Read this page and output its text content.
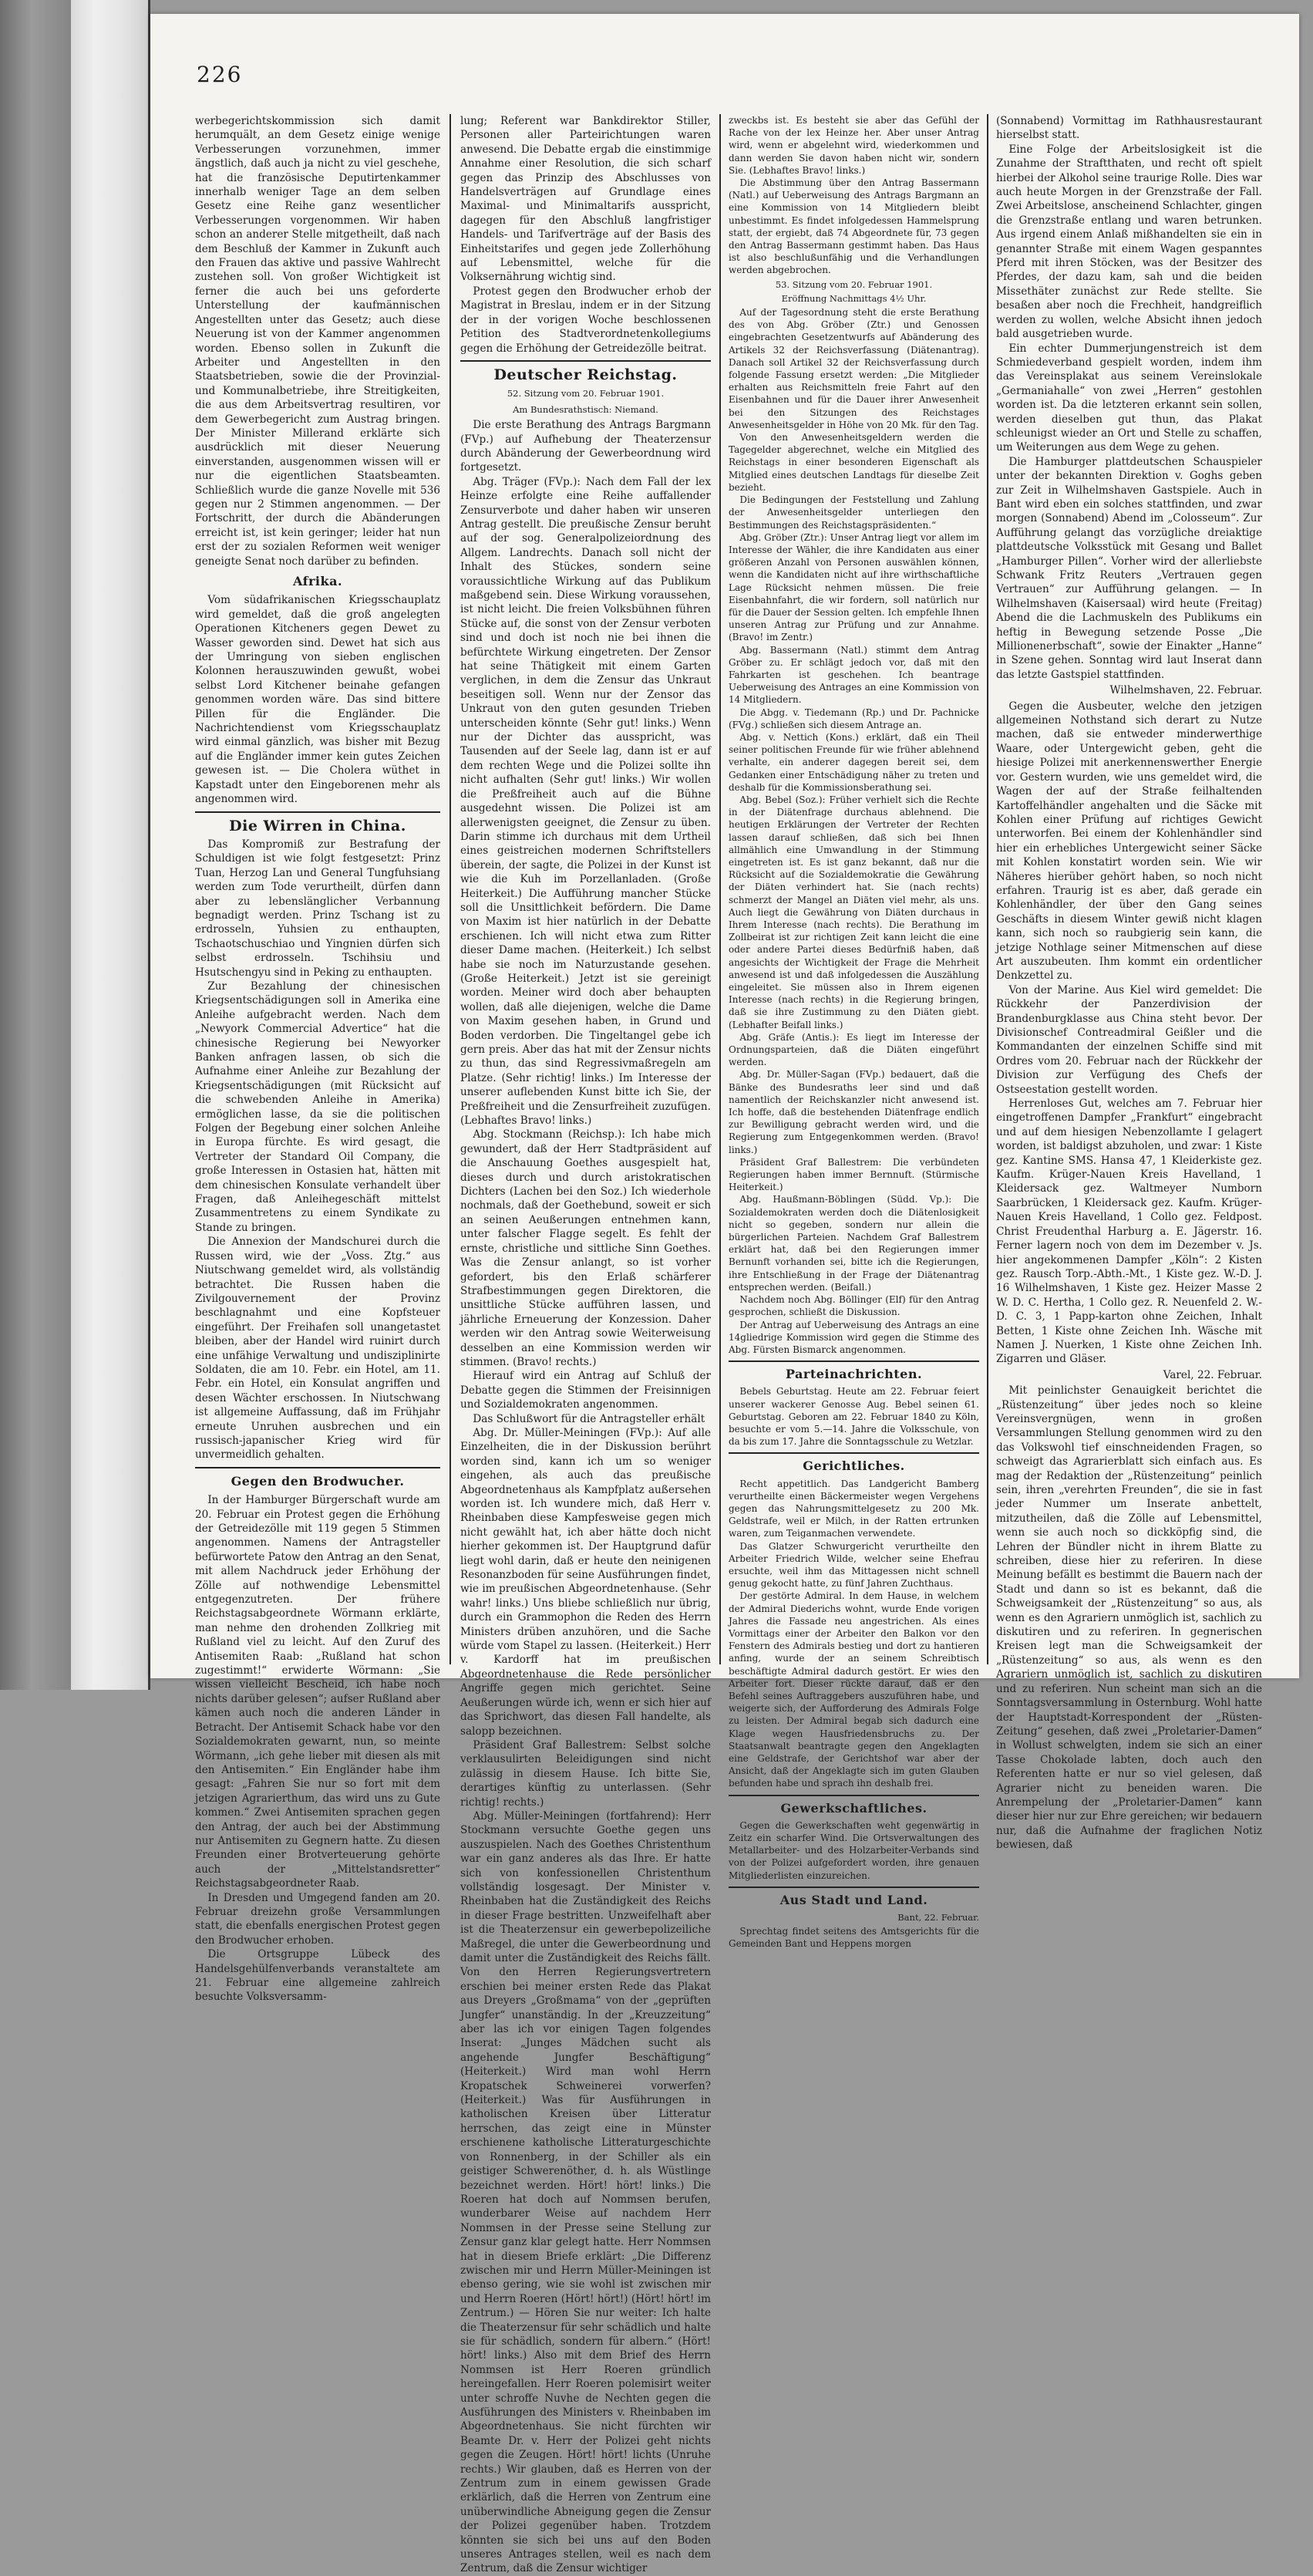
226

werbegerichtskommission sich damit herumquält, an dem Gesetz einige wenige Verbesserungen vorzunehmen, immer ängstlich, daß auch ja nicht zu viel geschehe, hat die französische Deputirtenkammer innerhalb weniger Tage an dem selben Gesetz eine Reihe ganz wesentlicher Verbesserungen vorgenommen. Wir haben schon an anderer Stelle mitgetheilt, daß nach dem Beschluß der Kammer in Zukunft auch den Frauen das aktive und passive Wahlrecht zustehen soll. Von großer Wichtigkeit ist ferner die auch bei uns geforderte Unterstellung der kaufmännischen Angestellten unter das Gesetz; auch diese Neuerung ist von der Kammer angenommen worden. Ebenso sollen in Zukunft die Arbeiter und Angestellten in den Staatsbetrieben, sowie die der Provinzial- und Kommunalbetriebe, ihre Streitigkeiten, die aus dem Arbeitsvertrag resultiren, vor dem Gewerbegericht zum Austrag bringen. Der Minister Millerand erklärte sich ausdrücklich mit dieser Neuerung einverstanden, ausgenommen wissen will er nur die eigentlichen Staatsbeamten. Schließlich wurde die ganze Novelle mit 536 gegen nur 2 Stimmen angenommen. — Der Fortschritt, der durch die Abänderungen erreicht ist, ist kein geringer; leider hat nun erst der zu sozialen Reformen weit weniger geneigte Senat noch darüber zu befinden.

Afrika.

Vom südafrikanischen Kriegsschauplatz wird gemeldet, daß die groß angelegten Operationen Kitcheners gegen Dewet zu Wasser geworden sind. Dewet hat sich aus der Umringung von sieben englischen Kolonnen herauszuwinden gewußt, wobei selbst Lord Kitchener beinahe gefangen genommen worden wäre. Das sind bittere Pillen für die Engländer. Die Nachrichtendienst vom Kriegsschauplatz wird einmal gänzlich, was bisher mit Bezug auf die Engländer immer kein gutes Zeichen gewesen ist. — Die Cholera wüthet in Kapstadt unter den Eingeborenen mehr als angenommen wird.

Die Wirren in China.

Das Kompromiß zur Bestrafung der Schuldigen ist wie folgt festgesetzt: Prinz Tuan, Herzog Lan und General Tungfuhsiang werden zum Tode verurtheilt, dürfen dann aber zu lebenslänglicher Verbannung begnadigt werden. Prinz Tschang ist zu erdrosseln, Yuhsien zu enthaupten, Tschaotschuschiao und Yingnien dürfen sich selbst erdrosseln. Tschihsiu und Hsutschengyu sind in Peking zu enthaupten.

Zur Bezahlung der chinesischen Kriegsentschädigungen soll in Amerika eine Anleihe aufgebracht werden. Nach dem „Newyork Commercial Advertice“ hat die chinesische Regierung bei Newyorker Banken anfragen lassen, ob sich die Aufnahme einer Anleihe zur Bezahlung der Kriegsentschädigungen (mit Rücksicht auf die schwebenden Anleihe in Amerika) ermöglichen lasse, da sie die politischen Folgen der Begebung einer solchen Anleihe in Europa fürchte. Es wird gesagt, die Vertreter der Standard Oil Company, die große Interessen in Ostasien hat, hätten mit dem chinesischen Konsulate verhandelt über Fragen, daß Anleihegeschäft mittelst Zusammentretens zu einem Syndikate zu Stande zu bringen.

Die Annexion der Mandschurei durch die Russen wird, wie der „Voss. Ztg.“ aus Niutschwang gemeldet wird, als vollständig betrachtet. Die Russen haben die Zivilgouvernement der Provinz beschlagnahmt und eine Kopfsteuer eingeführt. Der Freihafen soll unangetastet bleiben, aber der Handel wird ruinirt durch eine unfähige Verwaltung und undisziplinirte Soldaten, die am 10. Febr. ein Hotel, am 11. Febr. ein Hotel, ein Konsulat angriffen und desen Wächter erschossen. In Niutschwang ist allgemeine Auffassung, daß im Frühjahr erneute Unruhen ausbrechen und ein russisch-japanischer Krieg wird für unvermeidlich gehalten.

Gegen den Brodwucher.

In der Hamburger Bürgerschaft wurde am 20. Februar ein Protest gegen die Erhöhung der Getreidezölle mit 119 gegen 5 Stimmen angenommen. Namens der Antragsteller befürwortete Patow den Antrag an den Senat, mit allem Nachdruck jeder Erhöhung der Zölle auf nothwendige Lebensmittel entgegenzutreten. Der frühere Reichstagsabgeordnete Wörmann erklärte, man nehme den drohenden Zollkrieg mit Rußland viel zu leicht. Auf den Zuruf des Antisemiten Raab: „Rußland hat schon zugestimmt!“ erwiderte Wörmann: „Sie wissen vielleicht Bescheid, ich habe noch nichts darüber gelesen“; aufser Rußland aber kämen auch noch die anderen Länder in Betracht. Der Antisemit Schack habe vor den Sozialdemokraten gewarnt, nun, so meinte Wörmann, „ich gehe lieber mit diesen als mit den Antisemiten.“ Ein Engländer habe ihm gesagt: „Fahren Sie nur so fort mit dem jetzigen Agrarierthum, das wird uns zu Gute kommen.“ Zwei Antisemiten sprachen gegen den Antrag, der auch bei der Abstimmung nur Antisemiten zu Gegnern hatte. Zu diesen Freunden einer Brotverteuerung gehörte auch der „Mittelstandsretter“ Reichstagsabgeordneter Raab.

In Dresden und Umgegend fanden am 20. Februar dreizehn große Versammlungen statt, die ebenfalls energischen Protest gegen den Brodwucher erhoben.

Die Ortsgruppe Lübeck des Handelsgehülfenverbands veranstaltete am 21. Februar eine allgemeine zahlreich besuchte Volksversamm-

lung; Referent war Bankdirektor Stiller, Personen aller Parteirichtungen waren anwesend. Die Debatte ergab die einstimmige Annahme einer Resolution, die sich scharf gegen das Prinzip des Abschlusses von Handelsverträgen auf Grundlage eines Maximal- und Minimaltarifs ausspricht, dagegen für den Abschluß langfristiger Handels- und Tarifverträge auf der Basis des Einheitstarifes und gegen jede Zollerhöhung auf Lebensmittel, welche für die Volksernährung wichtig sind.

Protest gegen den Brodwucher erhob der Magistrat in Breslau, indem er in der Sitzung der in der vorigen Woche beschlossenen Petition des Stadtverordnetenkollegiums gegen die Erhöhung der Getreidezölle beitrat.

Deutscher Reichstag.
52. Sitzung vom 20. Februar 1901.
Am Bundesrathstisch: Niemand.

Die erste Berathung des Antrags Bargmann (FVp.) auf Aufhebung der Theaterzensur durch Abänderung der Gewerbeordnung wird fortgesetzt.

Abg. Träger (FVp.): Nach dem Fall der lex Heinze erfolgte eine Reihe auffallender Zensurverbote und daher haben wir unseren Antrag gestellt. Die preußische Zensur beruht auf der sog. Generalpolizeiordnung des Allgem. Landrechts. Danach soll nicht der Inhalt des Stückes, sondern seine voraussichtliche Wirkung auf das Publikum maßgebend sein. Diese Wirkung voraussehen, ist nicht leicht. Die freien Volksbühnen führen Stücke auf, die sonst von der Zensur verboten sind und doch ist noch nie bei ihnen die befürchtete Wirkung eingetreten. Der Zensor hat seine Thätigkeit mit einem Garten verglichen, in dem die Zensur das Unkraut beseitigen soll. Wenn nur der Zensor das Unkraut von den guten gesunden Trieben unterscheiden könnte (Sehr gut! links.) Wenn nur der Dichter das ausspricht, was Tausenden auf der Seele lag, dann ist er auf dem rechten Wege und die Polizei sollte ihn nicht aufhalten (Sehr gut! links.) Wir wollen die Preßfreiheit auch auf die Bühne ausgedehnt wissen. Die Polizei ist am allerwenigsten geeignet, die Zensur zu üben. Darin stimme ich durchaus mit dem Urtheil eines geistreichen modernen Schriftstellers überein, der sagte, die Polizei in der Kunst ist wie die Kuh im Porzellanladen. (Große Heiterkeit.) Die Aufführung mancher Stücke soll die Unsittlichkeit befördern. Die Dame von Maxim ist hier natürlich in der Debatte erschienen. Ich will nicht etwa zum Ritter dieser Dame machen. (Heiterkeit.) Ich selbst habe sie noch im Naturzustande gesehen. (Große Heiterkeit.) Jetzt ist sie gereinigt worden. Meiner wird doch aber behaupten wollen, daß alle diejenigen, welche die Dame von Maxim gesehen haben, in Grund und Boden verdorben. Die Tingeltangel gebe ich gern preis. Aber das hat mit der Zensur nichts zu thun, das sind Regressivmaßregeln am Platze. (Sehr richtig! links.) Im Interesse der unserer auflebenden Kunst bitte ich Sie, der Preßfreiheit und die Zensurfreiheit zuzufügen. (Lebhaftes Bravo! links.)

Abg. Stockmann (Reichsp.): Ich habe mich gewundert, daß der Herr Stadtpräsident auf die Anschauung Goethes ausgespielt hat, dieses durch und durch aristokratischen Dichters (Lachen bei den Soz.) Ich wiederhole nochmals, daß der Goethebund, soweit er sich an seinen Aeußerungen entnehmen kann, unter falscher Flagge segelt. Es fehlt der ernste, christliche und sittliche Sinn Goethes. Was die Zensur anlangt, so ist vorher gefordert, bis den Erlaß schärferer Strafbestimmungen gegen Direktoren, die unsittliche Stücke aufführen lassen, und jährliche Erneuerung der Konzession. Daher werden wir den Antrag sowie Weiterweisung desselben an eine Kommission werden wir stimmen. (Bravo! rechts.)

Hierauf wird ein Antrag auf Schluß der Debatte gegen die Stimmen der Freisinnigen und Sozialdemokraten angenommen.

Das Schlußwort für die Antragsteller erhält

Abg. Dr. Müller-Meiningen (FVp.): Auf alle Einzelheiten, die in der Diskussion berührt worden sind, kann ich um so weniger eingehen, als auch das preußische Abgeordnetenhaus als Kampfplatz außersehen worden ist. Ich wundere mich, daß Herr v. Rheinbaben diese Kampfesweise gegen mich nicht gewählt hat, ich aber hätte doch nicht hierher gekommen ist. Der Hauptgrund dafür liegt wohl darin, daß er heute den neinigenen Resonanzboden für seine Ausführungen findet, wie im preußischen Abgeordnetenhause. (Sehr wahr! links.) Uns bliebe schließlich nur übrig, durch ein Grammophon die Reden des Herrn Ministers drüben anzuhören, und die Sache würde vom Stapel zu lassen. (Heiterkeit.) Herr v. Kardorff hat im preußischen Abgeordnetenhause die Rede persönlicher Angriffe gegen mich gerichtet. Seine Aeußerungen würde ich, wenn er sich hier auf das Sprichwort, das diesen Fall handelte, als salopp bezeichnen.

Präsident Graf Ballestrem: Selbst solche verklausulirten Beleidigungen sind nicht zulässig in diesem Hause. Ich bitte Sie, derartiges künftig zu unterlassen. (Sehr richtig! rechts.)

Abg. Müller-Meiningen (fortfahrend): Herr Stockmann versuchte Goethe gegen uns auszuspielen. Nach des Goethes Christenthum war ein ganz anderes als das Ihre. Er hatte sich von konfessionellen Christenthum vollständig losgesagt. Der Minister v. Rheinbaben hat die Zuständigkeit des Reichs in dieser Frage bestritten. Unzweifelhaft aber ist die Theaterzensur ein gewerbepolizeiliche Maßregel, die unter die Gewerbeordnung und damit unter die Zuständigkeit des Reichs fällt. Von den Herren Regierungsvertretern erschien bei meiner ersten Rede das Plakat aus Dreyers „Großmama“ von der „geprüften Jungfer“ unanständig. In der „Kreuzzeitung“ aber las ich vor einigen Tagen folgendes Inserat: „Junges Mädchen sucht als angehende Jungfer Beschäftigung“ (Heiterkeit.) Wird man wohl Herrn Kropatschek Schweinerei vorwerfen? (Heiterkeit.) Was für Ausführungen in katholischen Kreisen über Litteratur herrschen, das zeigt eine in Münster erschienene katholische Litteraturgeschichte von Ronnenberg, in der Schiller als ein geistiger Schwerenöther, d. h. als Wüstlinge bezeichnet werden. Hört! hört! links.) Die Roeren hat doch auf Nommsen berufen, wunderbarer Weise auf nachdem Herr Nommsen in der Presse seine Stellung zur Zensur ganz klar gelegt hatte. Herr Nommsen hat in diesem Briefe erklärt: „Die Differenz zwischen mir und Herrn Müller-Meiningen ist ebenso gering, wie sie wohl ist zwischen mir und Herrn Roeren (Hört! hört!) (Hört! hört! im Zentrum.) — Hören Sie nur weiter: Ich halte die Theaterzensur für sehr schädlich und halte sie für schädlich, sondern für albern.“ (Hört! hört! links.) Also mit dem Brief des Herrn Nommsen ist Herr Roeren gründlich hereingefallen. Herr Roeren polemisirt weiter unter schroffe Nuvhe de Nechten gegen die Ausführungen des Ministers v. Rheinbaben im Abgeordnetenhaus. Sie nicht fürchten wir Beamte Dr. v. Herr der Polizei geht nichts gegen die Zeugen. Hört! hört! lichts (Unruhe rechts.) Wir glauben, daß es Herren von der Zentrum zum in einem gewissen Grade erklärlich, daß die Herren von Zentrum eine unüberwindliche Abneigung gegen die Zensur der Polizei gegenüber haben. Trotzdem könnten sie sich bei uns auf den Boden unseres Antrages stellen, weil es nach dem Zentrum, daß die Zensur wichtiger

zweckbs ist. Es besteht sie aber das Gefühl der Rache von der lex Heinze her. Aber unser Antrag wird, wenn er abgelehnt wird, wiederkommen und dann werden Sie davon haben nicht wir, sondern Sie. (Lebhaftes Bravo! links.)

Die Abstimmung über den Antrag Bassermann (Natl.) auf Ueberweisung des Antrags Bargmann an eine Kommission von 14 Mitgliedern bleibt unbestimmt. Es findet infolgedessen Hammelsprung statt, der ergiebt, daß 74 Abgeordnete für, 73 gegen den Antrag Bassermann gestimmt haben. Das Haus ist also beschlußunfähig und die Verhandlungen werden abgebrochen.

53. Sitzung vom 20. Februar 1901.
Eröffnung Nachmittags 4½ Uhr.

Auf der Tagesordnung steht die erste Berathung des von Abg. Gröber (Ztr.) und Genossen eingebrachten Gesetzentwurfs auf Abänderung des Artikels 32 der Reichsverfassung (Diätenantrag). Danach soll Artikel 32 der Reichsverfassung durch folgende Fassung ersetzt werden: „Die Mitglieder erhalten aus Reichsmitteln freie Fahrt auf den Eisenbahnen und für die Dauer ihrer Anwesenheit bei den Sitzungen des Reichstages Anwesenheitsgelder in Höhe von 20 Mk. für den Tag.

Von den Anwesenheitsgeldern werden die Tagegelder abgerechnet, welche ein Mitglied des Reichstags in einer besonderen Eigenschaft als Mitglied eines deutschen Landtags für dieselbe Zeit bezieht.

Die Bedingungen der Feststellung und Zahlung der Anwesenheitsgelder unterliegen den Bestimmungen des Reichstagspräsidenten.“

Abg. Gröber (Ztr.): Unser Antrag liegt vor allem im Interesse der Wähler, die ihre Kandidaten aus einer größeren Anzahl von Personen auswählen können, wenn die Kandidaten nicht auf ihre wirthschaftliche Lage Rücksicht nehmen müssen. Die freie Eisenbahnfahrt, die wir fordern, soll natürlich nur für die Dauer der Session gelten. Ich empfehle Ihnen unseren Antrag zur Prüfung und zur Annahme. (Bravo! im Zentr.)

Abg. Bassermann (Natl.) stimmt dem Antrag Gröber zu. Er schlägt jedoch vor, daß mit den Fahrkarten ist geschehen. Ich beantrage Ueberweisung des Antrages an eine Kommission von 14 Mitgliedern.

Die Abgg. v. Tiedemann (Rp.) und Dr. Pachnicke (FVg.) schließen sich diesem Antrage an.

Abg. v. Nettich (Kons.) erklärt, daß ein Theil seiner politischen Freunde für wie früher ablehnend verhalte, ein anderer dagegen bereit sei, dem Gedanken einer Entschädigung näher zu treten und deshalb für die Kommissionsberathung sei.

Abg. Bebel (Soz.): Früher verhielt sich die Rechte in der Diätenfrage durchaus ablehnend. Die heutigen Erklärungen der Vertreter der Rechten lassen darauf schließen, daß sich bei Ihnen allmählich eine Umwandlung in der Stimmung eingetreten ist. Es ist ganz bekannt, daß nur die Rücksicht auf die Sozialdemokratie die Gewährung der Diäten verhindert hat. Sie (nach rechts) schmerzt der Mangel an Diäten viel mehr, als uns. Auch liegt die Gewährung von Diäten durchaus in Ihrem Interesse (nach rechts). Die Berathung im Zollbeirat ist zur richtigen Zeit kann leicht die eine oder andere Partei dieses Bedürfniß haben, daß angesichts der Wichtigkeit der Frage die Mehrheit anwesend ist und daß infolgedessen die Auszählung eingeleitet. Sie müssen also in Ihrem eigenen Interesse (nach rechts) in die Regierung bringen, daß sie ihre Zustimmung zu den Diäten giebt. (Lebhafter Beifall links.)

Abg. Gräfe (Antis.): Es liegt im Interesse der Ordnungsparteien, daß die Diäten eingeführt werden.

Abg. Dr. Müller-Sagan (FVp.) bedauert, daß die Bänke des Bundesraths leer sind und daß namentlich der Reichskanzler nicht anwesend ist. Ich hoffe, daß die bestehenden Diätenfrage endlich zur Bewilligung gebracht werden wird, und die Regierung zum Entgegenkommen werden. (Bravo! links.)

Präsident Graf Ballestrem: Die verbündeten Regierungen haben immer Bernnuft. (Stürmische Heiterkeit.)

Abg. Haußmann-Böblingen (Südd. Vp.): Die Sozialdemokraten werden doch die Diätenlosigkeit nicht so gegeben, sondern nur allein die bürgerlichen Parteien. Nachdem Graf Ballestrem erklärt hat, daß bei den Regierungen immer Bernunft vorhanden sei, bitte ich die Regierungen, ihre Entschließung in der Frage der Diätenantrag entsprechen werden. (Beifall.)

Nachdem noch Abg. Böllinger (Elf) für den Antrag gesprochen, schließt die Diskussion.

Der Antrag auf Ueberweisung des Antrags an eine 14gliedrige Kommission wird gegen die Stimme des Abg. Fürsten Bismarck angenommen.

Parteinachrichten.

Bebels Geburtstag. Heute am 22. Februar feiert unserer wackerer Genosse Aug. Bebel seinen 61. Geburtstag. Geboren am 22. Februar 1840 zu Köln, besuchte er vom 5.—14. Jahre die Volksschule, von da bis zum 17. Jahre die Sonntagsschule zu Wetzlar.

Gerichtliches.

Recht appetitlich. Das Landgericht Bamberg verurtheilte einen Bäckermeister wegen Vergehens gegen das Nahrungsmittelgesetz zu 200 Mk. Geldstrafe, weil er Milch, in der Ratten ertrunken waren, zum Teiganmachen verwendete.

Das Glatzer Schwurgericht verurtheilte den Arbeiter Friedrich Wilde, welcher seine Ehefrau ersuchte, weil ihm das Mittagessen nicht schnell genug gekocht hatte, zu fünf Jahren Zuchthaus.

Der gestörte Admiral. In dem Hause, in welchem der Admiral Diederichs wohnt, wurde Ende vorigen Jahres die Fassade neu angestrichen. Als eines Vormittags einer der Arbeiter den Balkon vor den Fenstern des Admirals bestieg und dort zu hantieren anfing, wurde der an seinem Schreibtisch beschäftigte Admiral dadurch gestört. Er wies den Arbeiter fort. Dieser rückte darauf, daß er den Befehl seines Auftraggebers auszuführen habe, und weigerte sich, der Aufforderung des Admirals Folge zu leisten. Der Admiral begab sich dadurch eine Klage wegen Hausfriedensbruchs zu. Der Staatsanwalt beantragte gegen den Angeklagten eine Geldstrafe, der Gerichtshof war aber der Ansicht, daß der Angeklagte sich im guten Glauben befunden habe und sprach ihn deshalb frei.

Gewerkschaftliches.

Gegen die Gewerkschaften weht gegenwärtig in Zeitz ein scharfer Wind. Die Ortsverwaltungen des Metallarbeiter- und des Holzarbeiter-Verbands sind von der Polizei aufgefordert worden, ihre genauen Mitgliederlisten einzureichen.

Aus Stadt und Land.
Bant, 22. Februar.

Sprechtag findet seitens des Amtsgerichts für die Gemeinden Bant und Heppens morgen

(Sonnabend) Vormittag im Rathhausrestaurant hierselbst statt.

Eine Folge der Arbeitslosigkeit ist die Zunahme der Straftthaten, und recht oft spielt hierbei der Alkohol seine traurige Rolle. Dies war auch heute Morgen in der Grenzstraße der Fall. Zwei Arbeitslose, anscheinend Schlachter, gingen die Grenzstraße entlang und waren betrunken. Aus irgend einem Anlaß mißhandelten sie ein in genannter Straße mit einem Wagen gespanntes Pferd mit ihren Stöcken, was der Besitzer des Pferdes, der dazu kam, sah und die beiden Missethäter zunächst zur Rede stellte. Sie besaßen aber noch die Frechheit, handgreiflich werden zu wollen, welche Absicht ihnen jedoch bald ausgetrieben wurde.

Ein echter Dummerjungenstreich ist dem Schmiedeverband gespielt worden, indem ihm das Vereinsplakat aus seinem Vereinslokale „Germaniahalle“ von zwei „Herren“ gestohlen worden ist. Da die letzteren erkannt sein sollen, werden dieselben gut thun, das Plakat schleunigst wieder an Ort und Stelle zu schaffen, um Weiterungen aus dem Wege zu gehen.

Die Hamburger plattdeutschen Schauspieler unter der bekannten Direktion v. Goghs geben zur Zeit in Wilhelmshaven Gastspiele. Auch in Bant wird eben ein solches stattfinden, und zwar morgen (Sonnabend) Abend im „Colosseum“. Zur Aufführung gelangt das vorzügliche dreiaktige plattdeutsche Volksstück mit Gesang und Ballet „Hamburger Pillen“. Vorher wird der allerliebste Schwank Fritz Reuters „Vertrauen gegen Vertrauen“ zur Aufführung gelangen. — In Wilhelmshaven (Kaisersaal) wird heute (Freitag) Abend die die Lachmuskeln des Publikums ein heftig in Bewegung setzende Posse „Die Millionenerbschaft“, sowie der Einakter „Hanne“ in Szene gehen. Sonntag wird laut Inserat dann das letzte Gastspiel stattfinden.

Wilhelmshaven, 22. Februar.

Gegen die Ausbeuter, welche den jetzigen allgemeinen Nothstand sich derart zu Nutze machen, daß sie entweder minderwerthige Waare, oder Untergewicht geben, geht die hiesige Polizei mit anerkennenswerther Energie vor. Gestern wurden, wie uns gemeldet wird, die Wagen der auf der Straße feilhaltenden Kartoffelhändler angehalten und die Säcke mit Kohlen einer Prüfung auf richtiges Gewicht unterworfen. Bei einem der Kohlenhändler sind hier ein erhebliches Untergewicht seiner Säcke mit Kohlen konstatirt worden sein. Wie wir Näheres hierüber gehört haben, so noch nicht erfahren. Traurig ist es aber, daß gerade ein Kohlenhändler, der über den Gang seines Geschäfts in diesem Winter gewiß nicht klagen kann, sich noch so raubgierig sein kann, die jetzige Nothlage seiner Mitmenschen auf diese Art auszubeuten. Ihm kommt ein ordentlicher Denkzettel zu.

Von der Marine. Aus Kiel wird gemeldet: Die Rückkehr der Panzerdivision der Brandenburgklasse aus China steht bevor. Der Divisionschef Contreadmiral Geißler und die Kommandanten der einzelnen Schiffe sind mit Ordres vom 20. Februar nach der Rückkehr der Division zur Verfügung des Chefs der Ostseestation gestellt worden.

Herrenloses Gut, welches am 7. Februar hier eingetroffenen Dampfer „Frankfurt“ eingebracht und auf dem hiesigen Nebenzollamte I gelagert worden, ist baldigst abzuholen, und zwar: 1 Kiste gez. Kantine SMS. Hansa 47, 1 Kleiderkiste gez. Kaufm. Krüger-Nauen Kreis Havelland, 1 Kleidersack gez. Waltmeyer Numborn Saarbrücken, 1 Kleidersack gez. Kaufm. Krüger-Nauen Kreis Havelland, 1 Collo gez. Feldpost. Christ Freudenthal Harburg a. E. Jägerstr. 16. Ferner lagern noch von dem im Dezember v. Js. hier angekommenen Dampfer „Köln“: 2 Kisten gez. Rausch Torp.-Abth.-Mt., 1 Kiste gez. W.-D. J. 16 Wilhelmshaven, 1 Kiste gez. Heizer Masse 2 W. D. C. Hertha, 1 Collo gez. R. Neuenfeld 2. W.-D. C. 3, 1 Papp-karton ohne Zeichen, Inhalt Betten, 1 Kiste ohne Zeichen Inh. Wäsche mit Namen J. Nuerken, 1 Kiste ohne Zeichen Inh. Zigarren und Gläser.

Varel, 22. Februar.

Mit peinlichster Genauigkeit berichtet die „Rüstenzeitung“ über jedes noch so kleine Vereinsvergnügen, wenn in großen Versammlungen Stellung genommen wird zu den das Volkswohl tief einschneidenden Fragen, so schweigt das Agrarierblatt sich einfach aus. Es mag der Redaktion der „Rüstenzeitung“ peinlich sein, ihren „verehrten Freunden“, die sie in fast jeder Nummer um Inserate anbettelt, mitzutheilen, daß die Zölle auf Lebensmittel, wenn sie auch noch so dickköpfig sind, die Lehren der Bündler nicht in ihrem Blatte zu schreiben, diese hier zu referiren. In diese Meinung befällt es bestimmt die Bauern nach der Stadt und dann so ist es bekannt, daß die Schweigsamkeit der „Rüstenzeitung“ so aus, als wenn es den Agrariern unmöglich ist, sachlich zu diskutiren und zu referiren. In gegnerischen Kreisen legt man die Schweigsamkeit der „Rüstenzeitung“ so aus, als wenn es den Agrariern unmöglich ist, sachlich zu diskutiren und zu referiren. Nun scheint man sich an die Sonntagsversammlung in Osternburg. Wohl hatte der Hauptstadt-Korrespondent der „Rüsten-Zeitung“ gesehen, daß zwei „Proletarier-Damen“ in Wollust schwelgten, indem sie sich an einer Tasse Chokolade labten, doch auch den Referenten hatte er nur so viel gelesen, daß Agrarier nicht zu beneiden waren. Die Anrempelung der „Proletarier-Damen“ kann dieser hier nur zur Ehre gereichen; wir bedauern nur, daß die Aufnahme der fraglichen Notiz bewiesen, daß
